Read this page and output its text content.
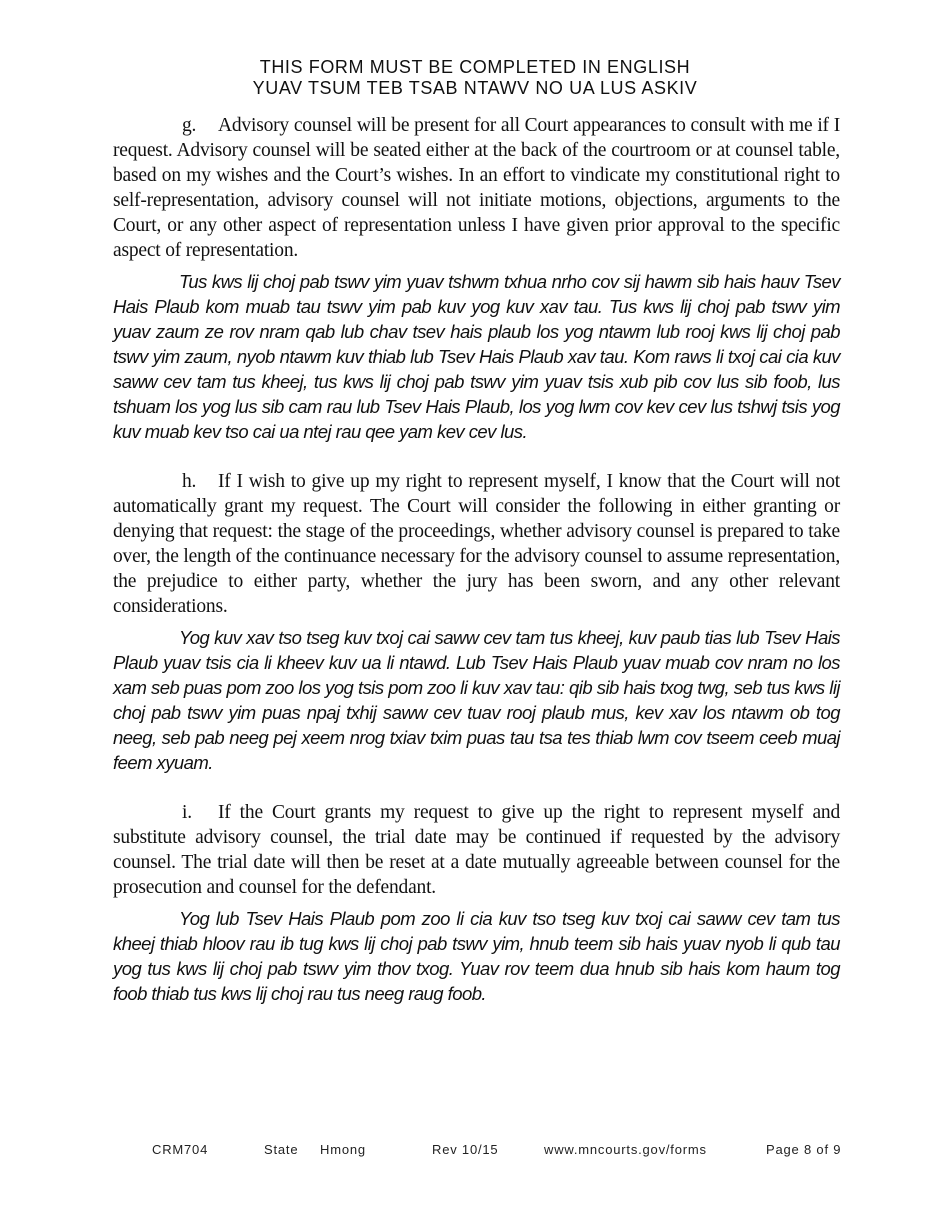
THIS FORM MUST BE COMPLETED IN ENGLISH
YUAV TSUM TEB TSAB NTAWV NO UA LUS ASKIV

g. Advisory counsel will be present for all Court appearances to consult with me if I request. Advisory counsel will be seated either at the back of the courtroom or at counsel table, based on my wishes and the Court’s wishes. In an effort to vindicate my constitutional right to self-representation, advisory counsel will not initiate motions, objections, arguments to the Court, or any other aspect of representation unless I have given prior approval to the specific aspect of representation.

Tus kws lij choj pab tswv yim yuav tshwm txhua nrho cov sij hawm sib hais hauv Tsev Hais Plaub kom muab tau tswv yim pab kuv yog kuv xav tau. Tus kws lij choj pab tswv yim yuav zaum ze rov nram qab lub chav tsev hais plaub los yog ntawm lub rooj kws lij choj pab tswv yim zaum, nyob ntawm kuv thiab lub Tsev Hais Plaub xav tau. Kom raws li txoj cai cia kuv saww cev tam tus kheej, tus kws lij choj pab tswv yim yuav tsis xub pib cov lus sib foob, lus tshuam los yog lus sib cam rau lub Tsev Hais Plaub, los yog lwm cov kev cev lus tshwj tsis yog kuv muab kev tso cai ua ntej rau qee yam kev cev lus.

h. If I wish to give up my right to represent myself, I know that the Court will not automatically grant my request. The Court will consider the following in either granting or denying that request: the stage of the proceedings, whether advisory counsel is prepared to take over, the length of the continuance necessary for the advisory counsel to assume representation, the prejudice to either party, whether the jury has been sworn, and any other relevant considerations.

Yog kuv xav tso tseg kuv txoj cai saww cev tam tus kheej, kuv paub tias lub Tsev Hais Plaub yuav tsis cia li kheev kuv ua li ntawd. Lub Tsev Hais Plaub yuav muab cov nram no los xam seb puas pom zoo los yog tsis pom zoo li kuv xav tau: qib sib hais txog twg, seb tus kws lij choj pab tswv yim puas npaj txhij saww cev tuav rooj plaub mus, kev xav los ntawm ob tog neeg, seb pab neeg pej xeem nrog txiav txim puas tau tsa tes thiab lwm cov tseem ceeb muaj feem xyuam.

i. If the Court grants my request to give up the right to represent myself and substitute advisory counsel, the trial date may be continued if requested by the advisory counsel. The trial date will then be reset at a date mutually agreeable between counsel for the prosecution and counsel for the defendant.

Yog lub Tsev Hais Plaub pom zoo li cia kuv tso tseg kuv txoj cai saww cev tam tus kheej thiab hloov rau ib tug kws lij choj pab tswv yim, hnub teem sib hais yuav nyob li qub tau yog tus kws lij choj pab tswv yim thov txog. Yuav rov teem dua hnub sib hais kom haum tog foob thiab tus kws lij choj rau tus neeg raug foob.

CRM704	State Hmong	Rev 10/15	www.mncourts.gov/forms	Page 8 of 9
